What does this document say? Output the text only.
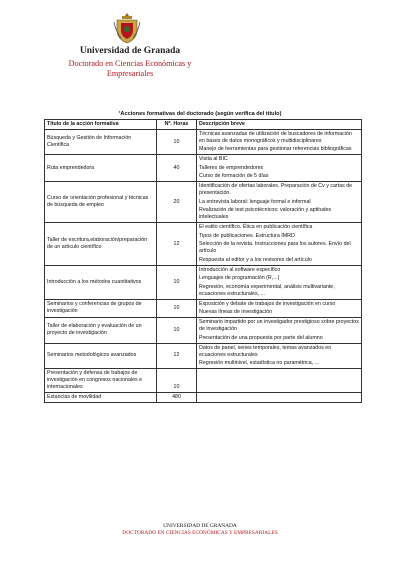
Universidad de Granada
Doctorado en Ciencias Económicas y
Empresariales
¹Acciones formativas del doctorado (según verifica del título)
Título de la acción formativa	Nº. Horas	Descripción breve
Búsqueda y Gestión de Información Científica	10	Técnicas avanzadas de utilización de buscadores de información en bases de datos monográficos y multidisciplinares

Manejo de herramientas para gestionar referencias bibliográficas

Ruta emprendedora	40	Visita al BIC

Talleres de emprendedores

Curso de formación de 5 días

Curso de orientación profesional y técnicas de búsqueda de empleo	20	Identificación de ofertas laborales. Preparación de Cv y cartas de presentación.

La entrevista laboral: lenguaje formal e informal

Realización de test psicotécnicos: valoración y aptitudes intelectuales

Taller de escritura,elaboración/preparación de un artículo científico	12	El estilo científico. Ética en publicación científica

Tipos de publicaciones. Estructura IMRD

Selección de la revista. Instrucciones para los autores. Envío del artículo

Respuesta al editor y a los revisores del artículo

Introducción a los métodos cuantitativos	10	Introducción al software específico

Lenguajes de programación (R,...)

Regresión, economía experimental, análisis multivariante, ecuaciones estructurales, ...

Seminarios y conferencias de grupos de investigación	10	Exposición y debate de trabajos de investigación en curso

Nuevas líneas de investigación

Taller de elaboración y evaluación de un proyecto de investigación	10	Seminario impartido por un investigador prestigioso sobre proyectos de investigación

Presentación de una propuesta por parte del alumno

Seminarios metodológicos avanzados	12	Datos de panel, series temporales, temas avanzados en ecuaciones estructurales

Regresión multinivel, estadística no paramétrica, ...

Presentación y defensa de trabajos de investigación en congresos nacionales e internacionales	10	
Estancias de movilidad	480	
UNIVERSIDAD DE GRANADA
DOCTORADO EN CIENCIAS ECONÓMICAS Y EMPRESARIALES
